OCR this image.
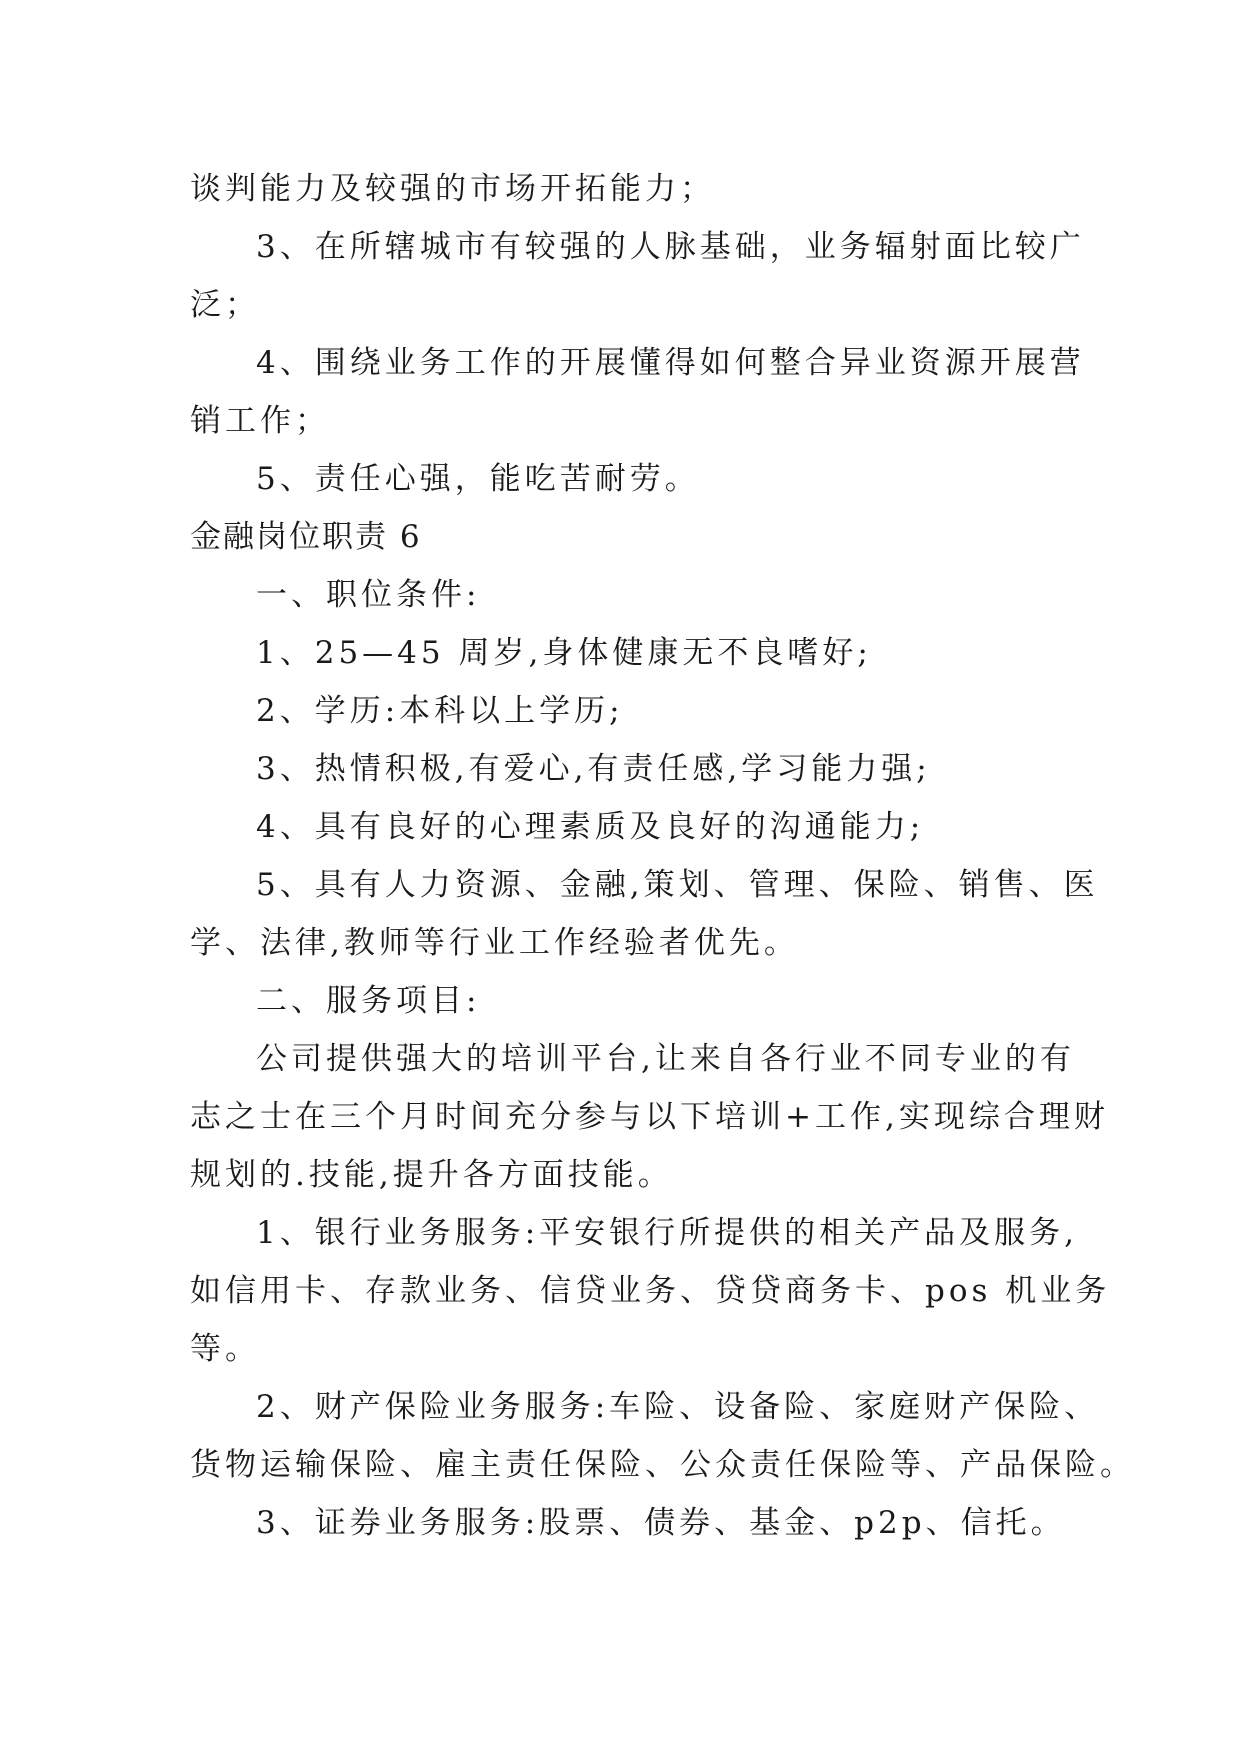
谈判能力及较强的市场开拓能力；

3、在所辖城市有较强的人脉基础，业务辐射面比较广

泛；

4、围绕业务工作的开展懂得如何整合异业资源开展营

销工作；

5、责任心强，能吃苦耐劳。

金融岗位职责 6

一、职位条件:

1、25—45 周岁,身体健康无不良嗜好;

2、学历:本科以上学历;

3、热情积极,有爱心,有责任感,学习能力强;

4、具有良好的心理素质及良好的沟通能力;

5、具有人力资源、金融,策划、管理、保险、销售、医

学、法律,教师等行业工作经验者优先。

二、服务项目:

公司提供强大的培训平台,让来自各行业不同专业的有

志之士在三个月时间充分参与以下培训+工作,实现综合理财

规划的.技能,提升各方面技能。

1、银行业务服务:平安银行所提供的相关产品及服务,

如信用卡、存款业务、信贷业务、贷贷商务卡、pos 机业务

等。

2、财产保险业务服务:车险、设备险、家庭财产保险、

货物运输保险、雇主责任保险、公众责任保险等、产品保险。

3、证券业务服务:股票、债券、基金、p2p、信托。
